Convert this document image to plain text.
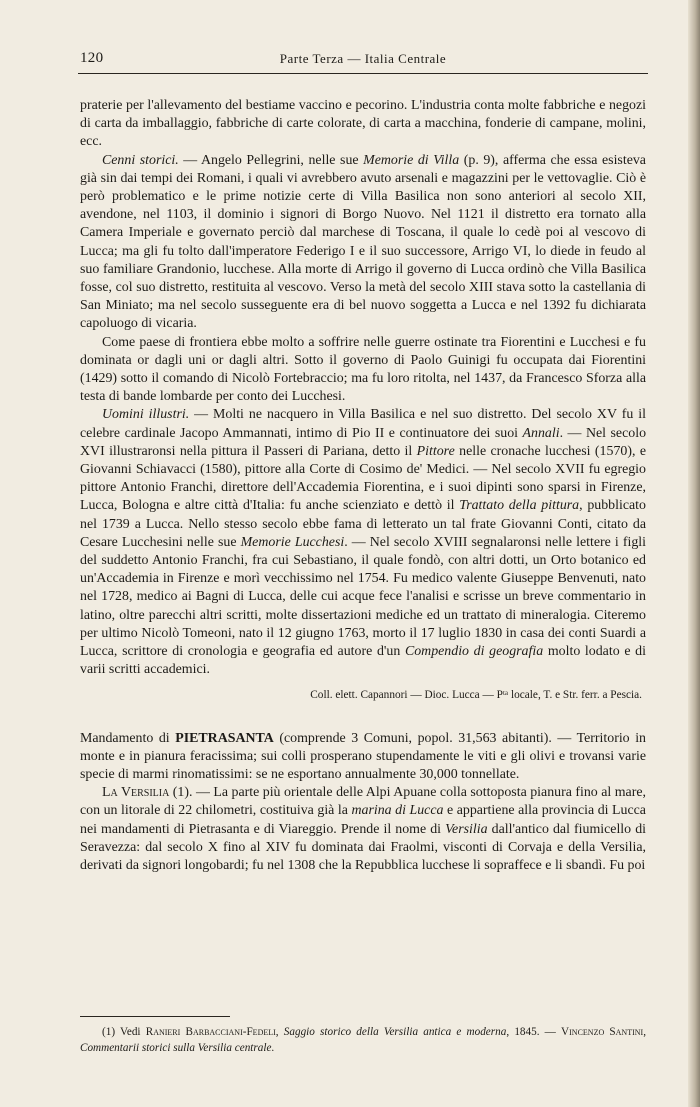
120	Parte Terza — Italia Centrale

praterie per l'allevamento del bestiame vaccino e pecorino. L'industria conta molte fabbriche e negozi di carta da imballaggio, fabbriche di carte colorate, di carta a macchina, fonderie di campane, molini, ecc.

Cenni storici. — Angelo Pellegrini, nelle sue Memorie di Villa (p. 9), afferma che essa esisteva già sin dai tempi dei Romani, i quali vi avrebbero avuto arsenali e magazzini per le vettovaglie. Ciò è però problematico e le prime notizie certe di Villa Basilica non sono anteriori al secolo XII, avendone, nel 1103, il dominio i signori di Borgo Nuovo. Nel 1121 il distretto era tornato alla Camera Imperiale e governato perciò dal marchese di Toscana, il quale lo cedè poi al vescovo di Lucca; ma gli fu tolto dall'imperatore Federigo I e il suo successore, Arrigo VI, lo diede in feudo al suo familiare Grandonio, lucchese. Alla morte di Arrigo il governo di Lucca ordinò che Villa Basilica fosse, col suo distretto, restituita al vescovo. Verso la metà del secolo XIII stava sotto la castellania di San Miniato; ma nel secolo susseguente era di bel nuovo soggetta a Lucca e nel 1392 fu dichiarata capoluogo di vicaria.

Come paese di frontiera ebbe molto a soffrire nelle guerre ostinate tra Fiorentini e Lucchesi e fu dominata or dagli uni or dagli altri. Sotto il governo di Paolo Guinigi fu occupata dai Fiorentini (1429) sotto il comando di Nicolò Fortebraccio; ma fu loro ritolta, nel 1437, da Francesco Sforza alla testa di bande lombarde per conto dei Lucchesi.

Uomini illustri. — Molti ne nacquero in Villa Basilica e nel suo distretto. Del secolo XV fu il celebre cardinale Jacopo Ammannati, intimo di Pio II e continuatore dei suoi Annali. — Nel secolo XVI illustraronsi nella pittura il Passeri di Pariana, detto il Pittore nelle cronache lucchesi (1570), e Giovanni Schiavacci (1580), pittore alla Corte di Cosimo de' Medici. — Nel secolo XVII fu egregio pittore Antonio Franchi, direttore dell'Accademia Fiorentina, e i suoi dipinti sono sparsi in Firenze, Lucca, Bologna e altre città d'Italia: fu anche scienziato e dettò il Trattato della pittura, pubblicato nel 1739 a Lucca. Nello stesso secolo ebbe fama di letterato un tal frate Giovanni Conti, citato da Cesare Lucchesini nelle sue Memorie Lucchesi. — Nel secolo XVIII segnalaronsi nelle lettere i figli del suddetto Antonio Franchi, fra cui Sebastiano, il quale fondò, con altri dotti, un Orto botanico ed un'Accademia in Firenze e morì vecchissimo nel 1754. Fu medico valente Giuseppe Benvenuti, nato nel 1728, medico ai Bagni di Lucca, delle cui acque fece l'analisi e scrisse un breve commentario in latino, oltre parecchi altri scritti, molte dissertazioni mediche ed un trattato di mineralogia. Citeremo per ultimo Nicolò Tomeoni, nato il 12 giugno 1763, morto il 17 luglio 1830 in casa dei conti Suardi a Lucca, scrittore di cronologia e geografia ed autore d'un Compendio di geografia molto lodato e di varii scritti accademici.

Coll. elett. Capannori — Dioc. Lucca — Pᵗᵃ locale, T. e Str. ferr. a Pescia.

Mandamento di PIETRASANTA (comprende 3 Comuni, popol. 31,563 abitanti). — Territorio in monte e in pianura feracissima; sui colli prosperano stupendamente le viti e gli olivi e trovansi varie specie di marmi rinomatissimi: se ne esportano annualmente 30,000 tonnellate.

La Versilia (1). — La parte più orientale delle Alpi Apuane colla sottoposta pianura fino al mare, con un litorale di 22 chilometri, costituiva già la marina di Lucca e appartiene alla provincia di Lucca nei mandamenti di Pietrasanta e di Viareggio. Prende il nome di Versilia dall'antico dal fiumicello di Seravezza: dal secolo X fino al XIV fu dominata dai Fraolmi, visconti di Corvaja e della Versilia, derivati da signori longobardi; fu nel 1308 che la Repubblica lucchese li sopraffece e li sbandì. Fu poi

(1) Vedi Ranieri Barbacciani-Fedeli, Saggio storico della Versilia antica e moderna, 1845. — Vincenzo Santini, Commentarii storici sulla Versilia centrale.
